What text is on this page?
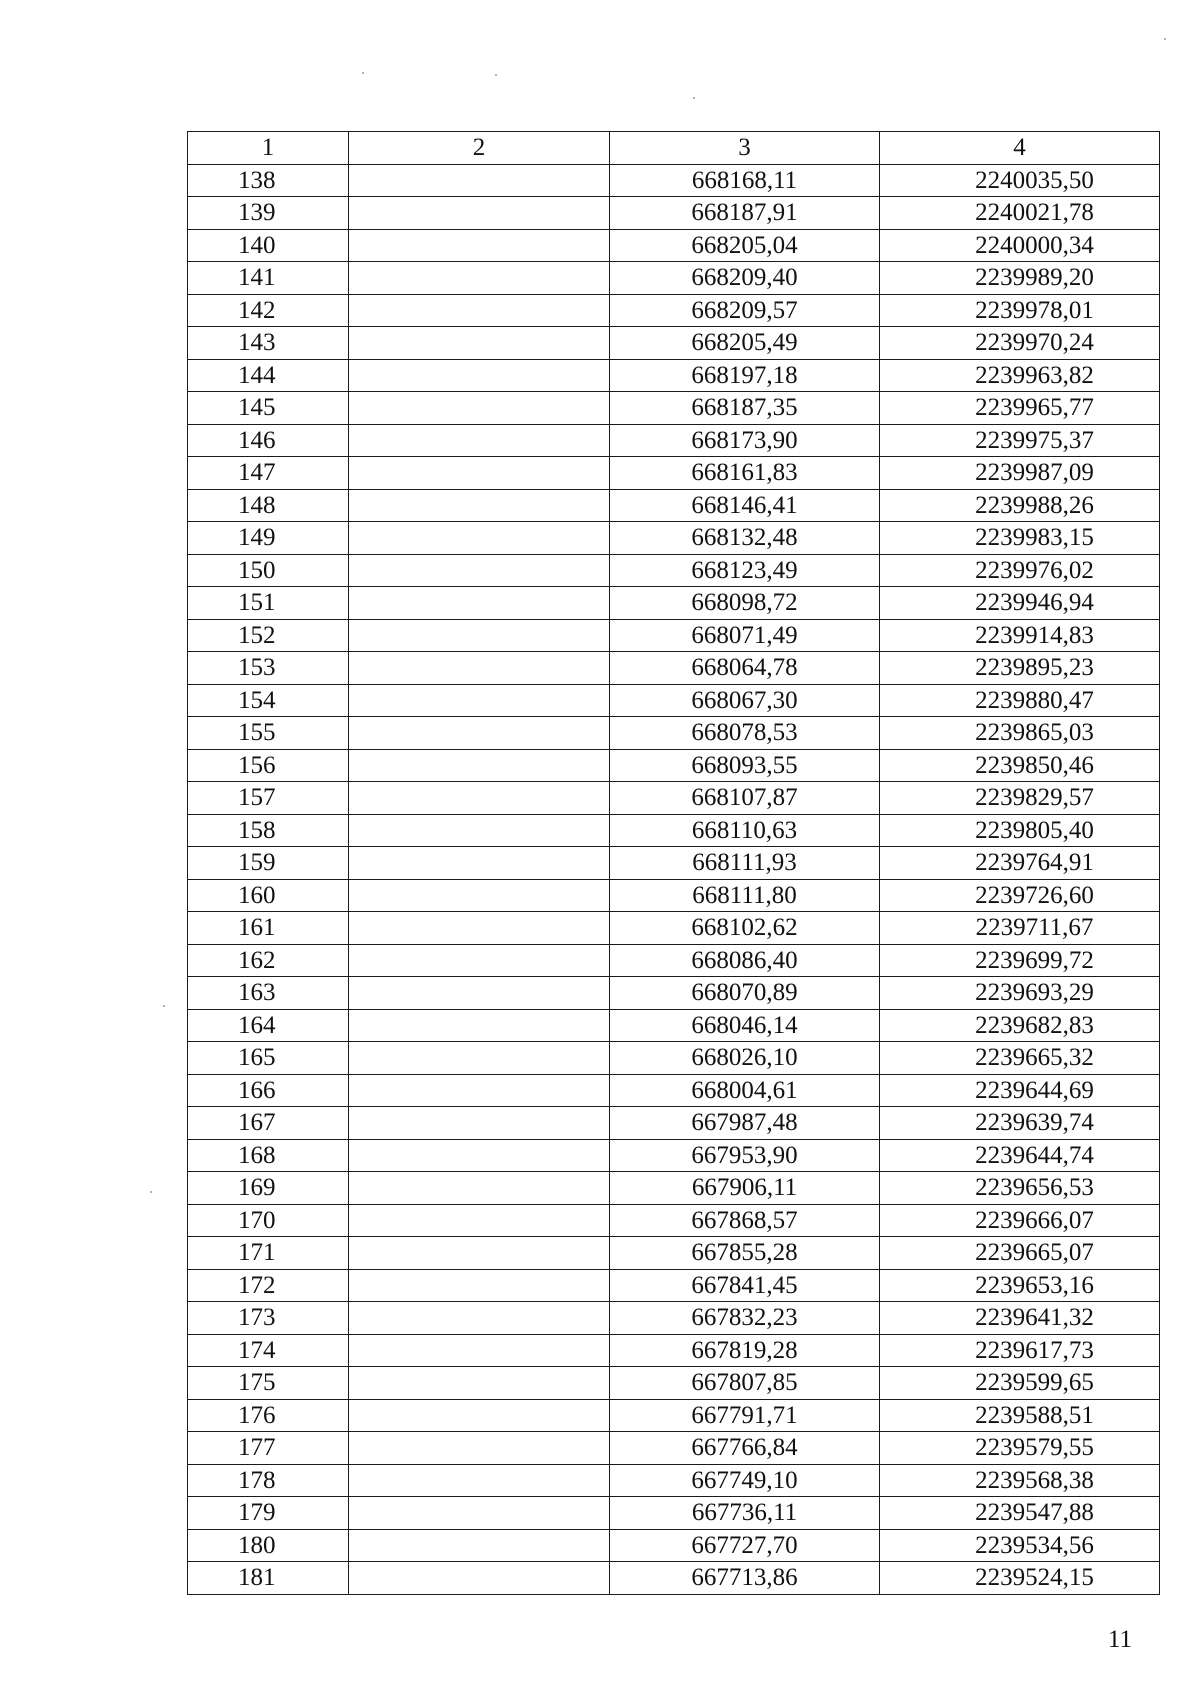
1	2	3	4
138		668168,11	2240035,50
139		668187,91	2240021,78
140		668205,04	2240000,34
141		668209,40	2239989,20
142		668209,57	2239978,01
143		668205,49	2239970,24
144		668197,18	2239963,82
145		668187,35	2239965,77
146		668173,90	2239975,37
147		668161,83	2239987,09
148		668146,41	2239988,26
149		668132,48	2239983,15
150		668123,49	2239976,02
151		668098,72	2239946,94
152		668071,49	2239914,83
153		668064,78	2239895,23
154		668067,30	2239880,47
155		668078,53	2239865,03
156		668093,55	2239850,46
157		668107,87	2239829,57
158		668110,63	2239805,40
159		668111,93	2239764,91
160		668111,80	2239726,60
161		668102,62	2239711,67
162		668086,40	2239699,72
163		668070,89	2239693,29
164		668046,14	2239682,83
165		668026,10	2239665,32
166		668004,61	2239644,69
167		667987,48	2239639,74
168		667953,90	2239644,74
169		667906,11	2239656,53
170		667868,57	2239666,07
171		667855,28	2239665,07
172		667841,45	2239653,16
173		667832,23	2239641,32
174		667819,28	2239617,73
175		667807,85	2239599,65
176		667791,71	2239588,51
177		667766,84	2239579,55
178		667749,10	2239568,38
179		667736,11	2239547,88
180		667727,70	2239534,56
181		667713,86	2239524,15
11
